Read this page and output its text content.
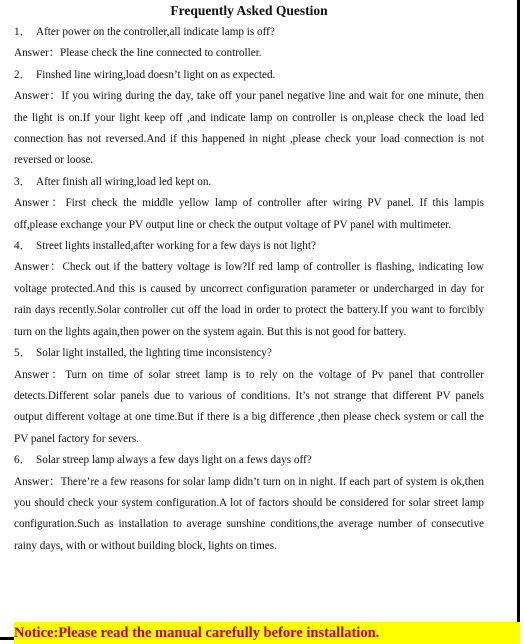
Frequently Asked Question

1． After power on the controller,all indicate lamp is off?

Answer：Please check the line connected to controller.

2． Finshed line wiring,load doesn’t light on as expected.

Answer：If you wiring during the day, take off your panel negative line and wait for one minute, then the light is on.If your light keep off ,and indicate lamp on controller is on,please check the load led connection has not reversed.And if this happened in night ,please check your load connection is not reversed or loose.

3． After finish all wiring,load led kept on.

Answer：First check the middle yellow lamp of controller after wiring PV panel. If this lampis off,please exchange your PV output line or check the output voltage of PV panel with multimeter.

4． Street lights installed,after working for a few days is not light?

Answer：Check out if the battery voltage is low?If red lamp of controller is flashing, indicating low voltage protected.And this is caused by uncorrect configuration parameter or undercharged in day for rain days recently.Solar controller cut off the load in order to protect the battery.If you want to forcibly turn on the lights again,then power on the system again. But this is not good for battery.

5． Solar light installed, the lighting time inconsistency?

Answer：Turn on time of solar street lamp is to rely on the voltage of Pv panel that controller detects.Different solar panels due to various of conditions. It’s not strange that different PV panels output different voltage at one time.But if there is a big difference ,then please check system or call the PV panel factory for severs.

6． Solar streep lamp always a few days light on a fews days off?

Answer：There’re a few reasons for solar lamp didn’t turn on in night. If each part of system is ok,then you should check your system configuration.A lot of factors should be considered for solar street lamp configuration.Such as installation to average sunshine conditions,the average number of consecutive rainy days, with or without building block, lights on times.

Notice:Please read the manual carefully before installation.
